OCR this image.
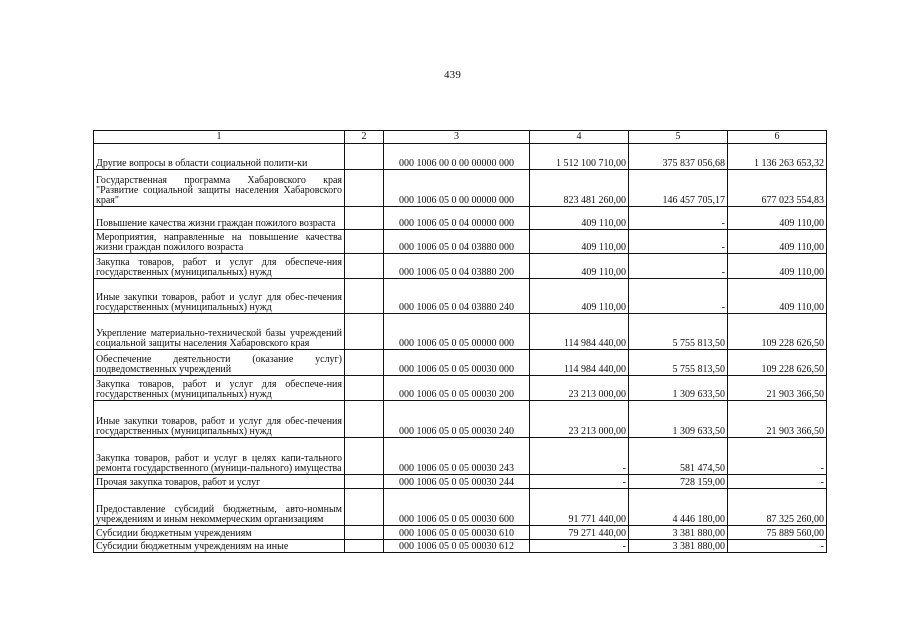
439
1	2	3	4	5	6
Другие вопросы в области социальной полити-ки		000 1006 00 0 00 00000 000	1 512 100 710,00	375 837 056,68	1 136 263 653,32
Государственная программа Хабаровского края "Развитие социальной защиты населения Хабаровского края"		000 1006 05 0 00 00000 000	823 481 260,00	146 457 705,17	677 023 554,83
Повышение качества жизни граждан пожилого возраста		000 1006 05 0 04 00000 000	409 110,00	-	409 110,00
Мероприятия, направленные на повышение качества жизни граждан пожилого возраста		000 1006 05 0 04 03880 000	409 110,00	-	409 110,00
Закупка товаров, работ и услуг для обеспече-ния государственных (муниципальных) нужд		000 1006 05 0 04 03880 200	409 110,00	-	409 110,00
Иные закупки товаров, работ и услуг для обес-печения государственных (муниципальных) нужд		000 1006 05 0 04 03880 240	409 110,00	-	409 110,00
Укрепление материально-технической базы учреждений социальной защиты населения Хабаровского края		000 1006 05 0 05 00000 000	114 984 440,00	5 755 813,50	109 228 626,50
Обеспечение деятельности (оказание услуг) подведомственных учреждений		000 1006 05 0 05 00030 000	114 984 440,00	5 755 813,50	109 228 626,50
Закупка товаров, работ и услуг для обеспече-ния государственных (муниципальных) нужд		000 1006 05 0 05 00030 200	23 213 000,00	1 309 633,50	21 903 366,50
Иные закупки товаров, работ и услуг для обес-печения государственных (муниципальных) нужд		000 1006 05 0 05 00030 240	23 213 000,00	1 309 633,50	21 903 366,50
Закупка товаров, работ и услуг в целях капи-тального ремонта государственного (муници-пального) имущества		000 1006 05 0 05 00030 243	-	581 474,50	-
Прочая закупка товаров, работ и услуг		000 1006 05 0 05 00030 244	-	728 159,00	-
Предоставление субсидий бюджетным, авто-номным учреждениям и иным некоммерческим организациям		000 1006 05 0 05 00030 600	91 771 440,00	4 446 180,00	87 325 260,00
Субсидии бюджетным учреждениям		000 1006 05 0 05 00030 610	79 271 440,00	3 381 880,00	75 889 560,00
Субсидии бюджетным учреждениям на иные		000 1006 05 0 05 00030 612	-	3 381 880,00	-
